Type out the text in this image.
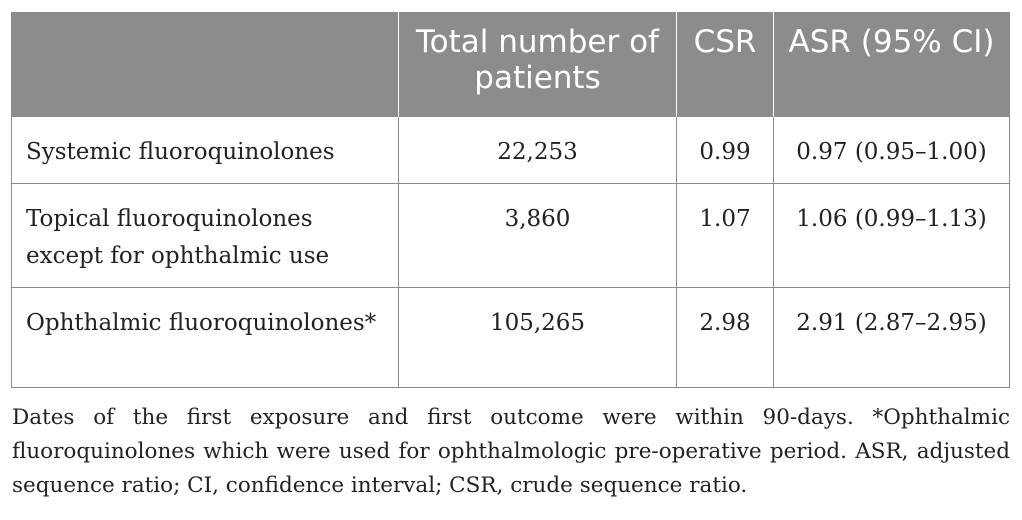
	Total number of patients	CSR	ASR (95% CI)
Systemic fluoroquinolones	22,253	0.99	0.97 (0.95–1.00)
Topical fluoroquinolones except for ophthalmic use	3,860	1.07	1.06 (0.99–1.13)
Ophthalmic fluoroquinolones*	105,265	2.98	2.91 (2.87–2.95)
Dates of the first exposure and first outcome were within 90-days. *Ophthalmic fluoroquinolones which were used for ophthalmologic pre-operative period. ASR, adjusted sequence ratio; CI, confidence interval; CSR, crude sequence ratio.
